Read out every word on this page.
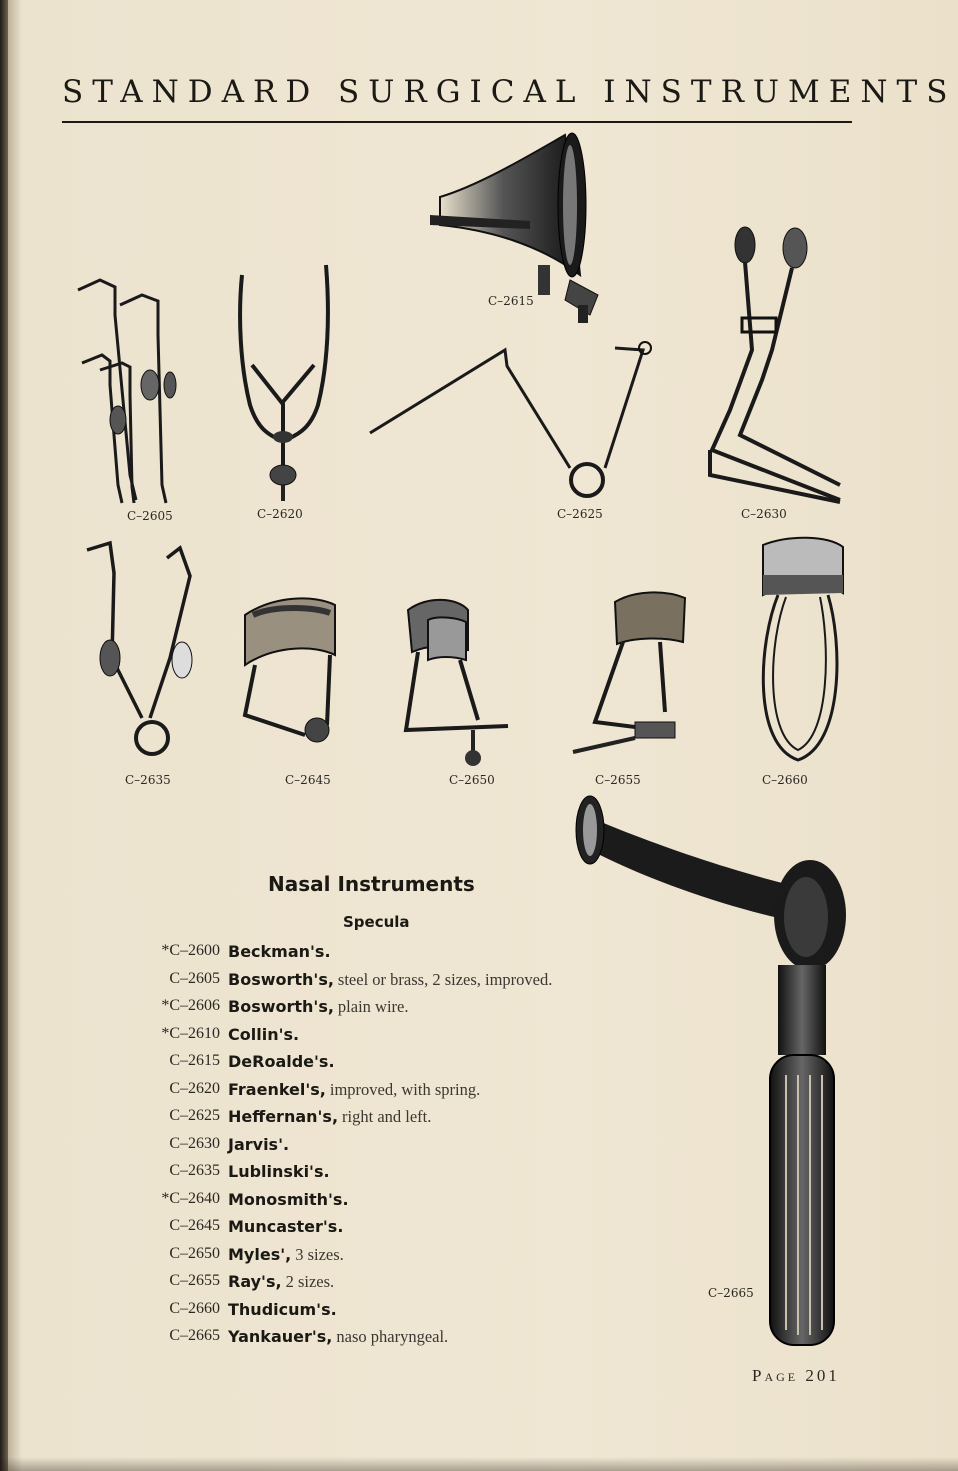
STANDARD SURGICAL INSTRUMENTS
C–2615
C–2605	C–2620	C–2625	C–2630
C–2635	C–2645	C–2650	C–2655	C–2660
C–2665
Nasal Instruments
Specula
*C–2600 Beckman's.
C–2605 Bosworth's, steel or brass, 2 sizes, improved.
*C–2606 Bosworth's, plain wire.
*C–2610 Collin's.
C–2615 DeRoalde's.
C–2620 Fraenkel's, improved, with spring.
C–2625 Heffernan's, right and left.
C–2630 Jarvis'.
C–2635 Lublinski's.
*C–2640 Monosmith's.
C–2645 Muncaster's.
C–2650 Myles', 3 sizes.
C–2655 Ray's, 2 sizes.
C–2660 Thudicum's.
C–2665 Yankauer's, naso pharyngeal.
Page 201
